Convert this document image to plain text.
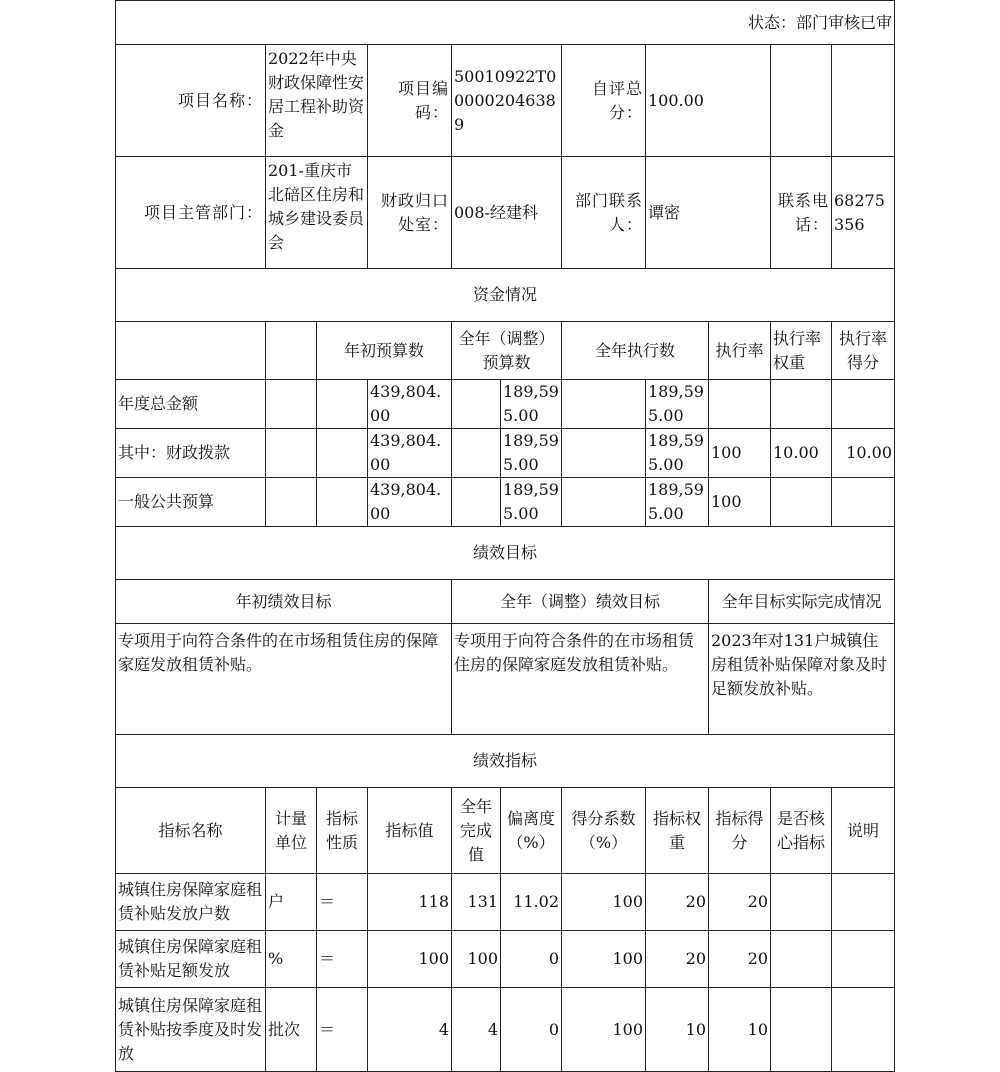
状态：部门审核已审										
项目名称：	2022年中央财政保障性安居工程补助资金		项目编码：	50010922T000002046389		自评总分：	100.00			
项目主管部门：	201-重庆市北碚区住房和城乡建设委员会		财政归口处室：	008-经建科		部门联系人：	谭密		联系电话：	68275356
资金情况										
		年初预算数		全年（调整）预算数		全年执行数		执行率	执行率权重	执行率得分
年度总金额			439,804.00		189,595.00		189,595.00			
其中：财政拨款			439,804.00		189,595.00		189,595.00	100	10.00	10.00
一般公共预算			439,804.00		189,595.00		189,595.00	100		
绩效目标										
年初绩效目标				全年（调整）绩效目标				全年目标实际完成情况		
专项用于向符合条件的在市场租赁住房的保障家庭发放租赁补贴。				专项用于向符合条件的在市场租赁住房的保障家庭发放租赁补贴。				2023年对131户城镇住房租赁补贴保障对象及时足额发放补贴。		
绩效指标										
指标名称	计量单位	指标性质	指标值	全年完成值	偏离度（%）	得分系数（%）	指标权重	指标得分	是否核心指标	说明
城镇住房保障家庭租赁补贴发放户数	户	＝	118	131	11.02	100	20	20		
城镇住房保障家庭租赁补贴足额发放	%	＝	100	100	0	100	20	20		
城镇住房保障家庭租赁补贴按季度及时发放	批次	＝	4	4	0	100	10	10		
